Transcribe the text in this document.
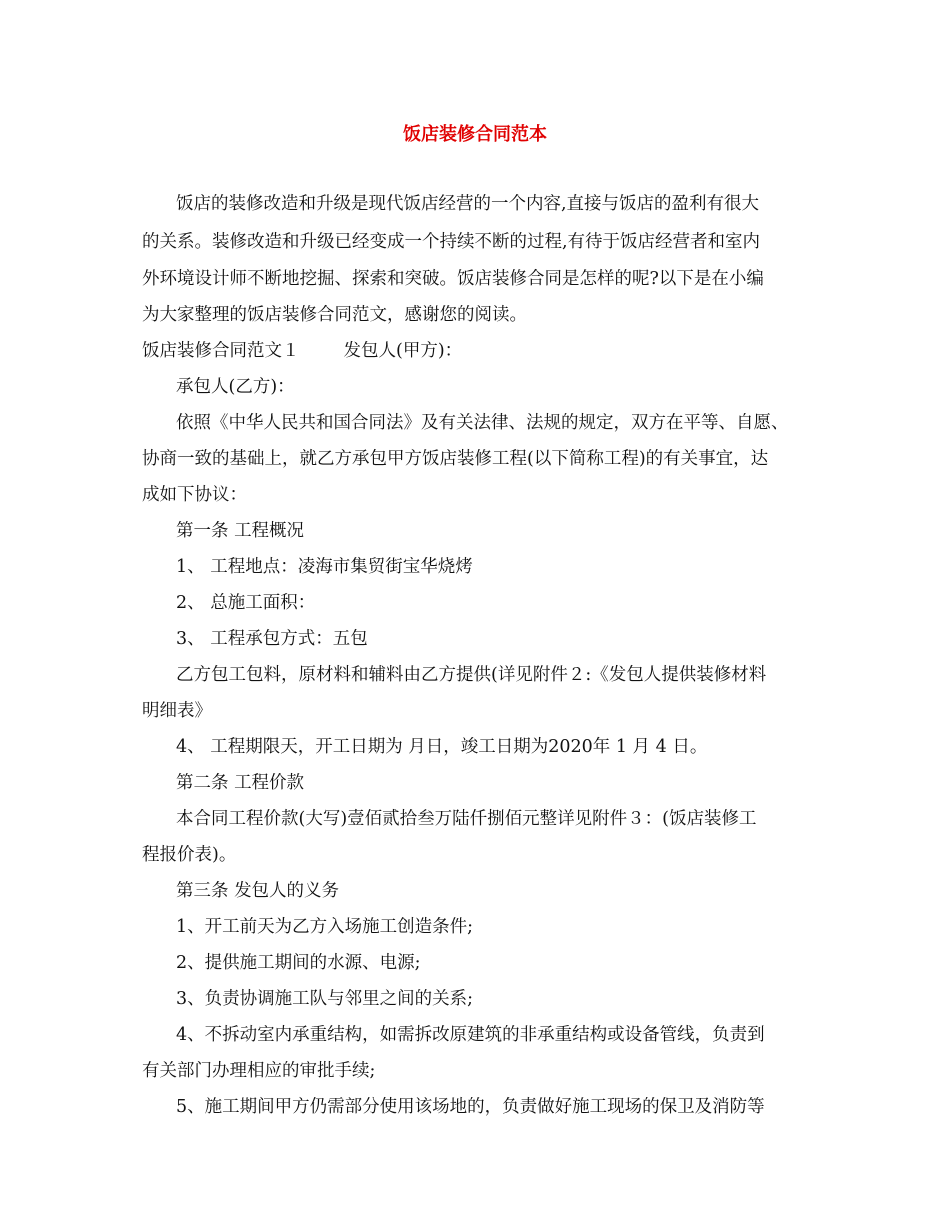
饭店装修合同范本
饭店的装修改造和升级是现代饭店经营的一个内容,直接与饭店的盈利有很大
的关系。装修改造和升级已经变成一个持续不断的过程,有待于饭店经营者和室内
外环境设计师不断地挖掘、探索和突破。饭店装修合同是怎样的呢?以下是在小编
为大家整理的饭店装修合同范文，感谢您的阅读。
饭店装修合同范文１	发包人(甲方)：
承包人(乙方)：
依照《中华人民共和国合同法》及有关法律、法规的规定，双方在平等、自愿、
协商一致的基础上，就乙方承包甲方饭店装修工程(以下简称工程)的有关事宜，达
成如下协议：
第一条 工程概况
1、 工程地点：凌海市集贸街宝华烧烤
2、 总施工面积：
3、 工程承包方式：五包
乙方包工包料，原材料和辅料由乙方提供(详见附件２:《发包人提供装修材料
明细表》
4、 工程期限天，开工日期为 月日，竣工日期为2020年 1 月 4 日。
第二条 工程价款
本合同工程价款(大写)壹佰贰拾叁万陆仟捌佰元整详见附件３：(饭店装修工
程报价表)。
第三条 发包人的义务
1、开工前天为乙方入场施工创造条件;
2、提供施工期间的水源、电源;
3、负责协调施工队与邻里之间的关系;
4、不拆动室内承重结构，如需拆改原建筑的非承重结构或设备管线，负责到
有关部门办理相应的审批手续;
5、施工期间甲方仍需部分使用该场地的，负责做好施工现场的保卫及消防等
